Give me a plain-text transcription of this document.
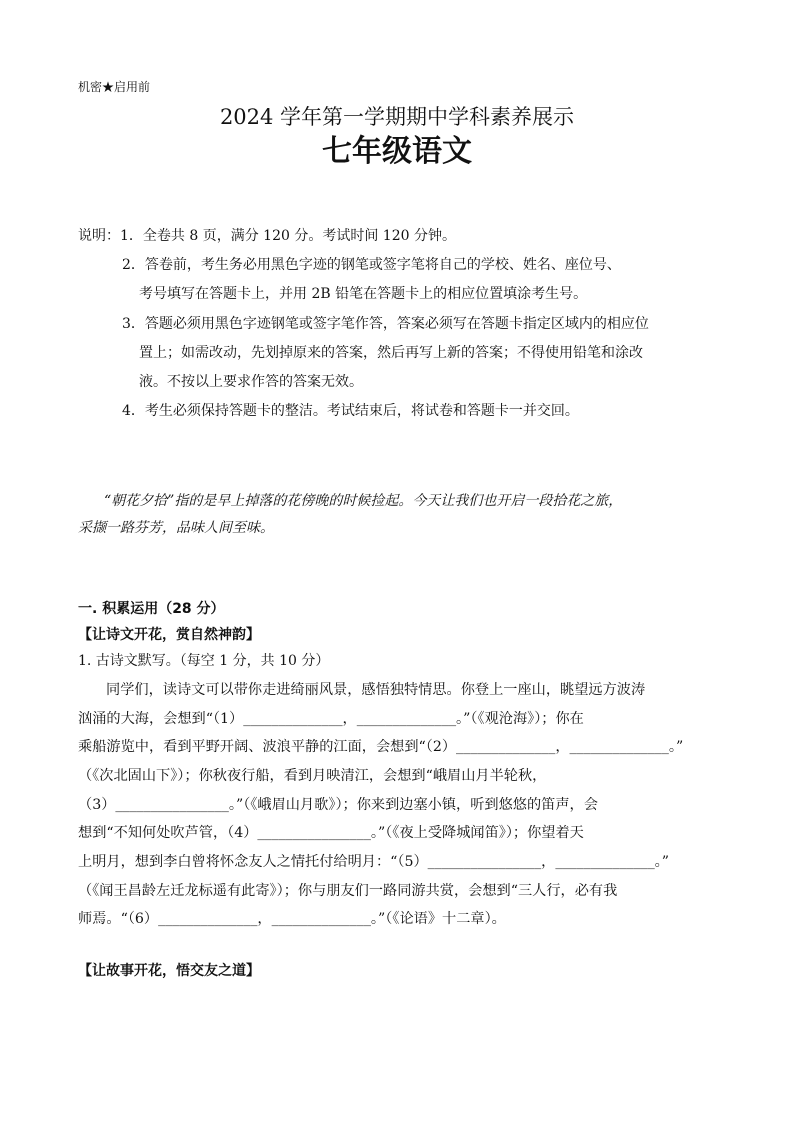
机密★启用前
2024 学年第一学期期中学科素养展示
七年级语文
说明：1．全卷共 8 页，满分 120 分。考试时间 120 分钟。
2．答卷前，考生务必用黑色字迹的钢笔或签字笔将自己的学校、姓名、座位号、
考号填写在答题卡上，并用 2B 铅笔在答题卡上的相应位置填涂考生号。
3．答题必须用黑色字迹钢笔或签字笔作答，答案必须写在答题卡指定区域内的相应位
置上；如需改动，先划掉原来的答案，然后再写上新的答案；不得使用铅笔和涂改
液。不按以上要求作答的答案无效。
4．考生必须保持答题卡的整洁。考试结束后，将试卷和答题卡一并交回。
“朝花夕拾”指的是早上掉落的花傍晚的时候捡起。今天让我们也开启一段拾花之旅，
采撷一路芬芳，品味人间至味。
一. 积累运用（28 分）
【让诗文开花，赏自然神韵】
1. 古诗文默写。（每空 1 分，共 10 分）
同学们，读诗文可以带你走进绮丽风景，感悟独特情思。你登上一座山，眺望远方波涛
汹涌的大海，会想到“（1）______________，______________。”（《观沧海》）；你在
乘船游览中，看到平野开阔、波浪平静的江面，会想到“（2）______________，______________。”
（《次北固山下》）；你秋夜行船，看到月映清江，会想到“峨眉山月半轮秋，
（3）________________。”（《峨眉山月歌》）；你来到边塞小镇，听到悠悠的笛声，会
想到“不知何处吹芦管，（4）________________。”（《夜上受降城闻笛》）；你望着天
上明月，想到李白曾将怀念友人之情托付给明月：“（5）________________，______________。”
（《闻王昌龄左迁龙标遥有此寄》）；你与朋友们一路同游共赏，会想到“三人行，必有我
师焉。“（6）______________，______________。”（《论语》十二章）。
【让故事开花，悟交友之道】
